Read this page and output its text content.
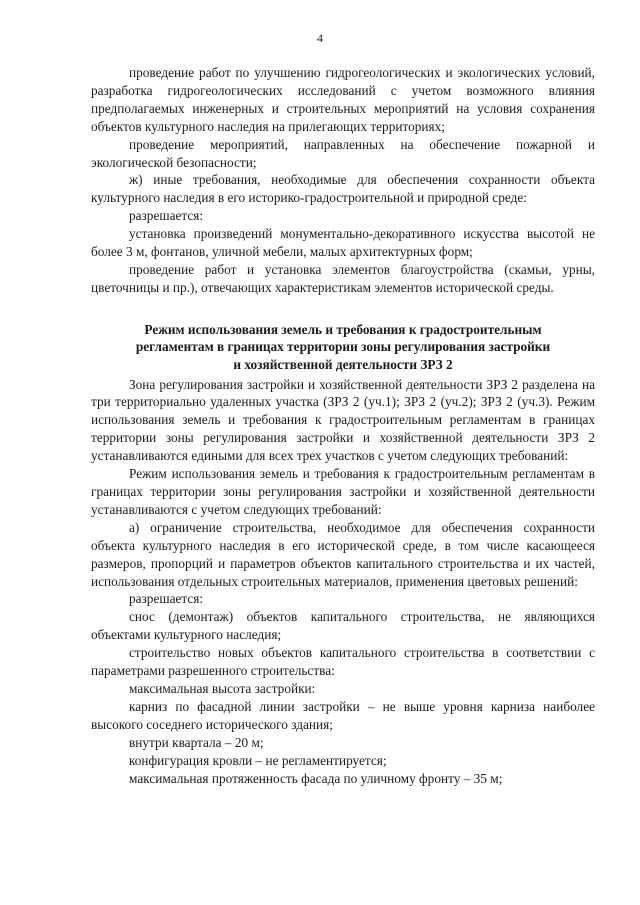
4

проведение работ по улучшению гидрогеологических и экологических условий, разработка гидрогеологических исследований с учетом возможного влияния предполагаемых инженерных и строительных мероприятий на условия сохранения объектов культурного наследия на прилегающих территориях;

проведение мероприятий, направленных на обеспечение пожарной и экологической безопасности;

ж) иные требования, необходимые для обеспечения сохранности объекта культурного наследия в его историко-градостроительной и природной среде:

разрешается:

установка произведений монументально-декоративного искусства высотой не более 3 м, фонтанов, уличной мебели, малых архитектурных форм;

проведение работ и установка элементов благоустройства (скамьи, урны, цветочницы и пр.), отвечающих характеристикам элементов исторической среды.

Режим использования земель и требования к градостроительным
регламентам в границах территории зоны регулирования застройки
и хозяйственной деятельности ЗРЗ 2

Зона регулирования застройки и хозяйственной деятельности ЗРЗ 2 разделена на три территориально удаленных участка (ЗРЗ 2 (уч.1); ЗРЗ 2 (уч.2); ЗРЗ 2 (уч.3). Режим использования земель и требования к градостроительным регламентам в границах территории зоны регулирования застройки и хозяйственной деятельности ЗРЗ 2 устанавливаются едиными для всех трех участков с учетом следующих требований:

Режим использования земель и требования к градостроительным регламентам в границах территории зоны регулирования застройки и хозяйственной деятельности устанавливаются с учетом следующих требований:

а) ограничение строительства, необходимое для обеспечения сохранности объекта культурного наследия в его исторической среде, в том числе касающееся размеров, пропорций и параметров объектов капитального строительства и их частей, использования отдельных строительных материалов, применения цветовых решений:

разрешается:

снос (демонтаж) объектов капитального строительства, не являющихся объектами культурного наследия;

строительство новых объектов капитального строительства в соответствии с параметрами разрешенного строительства:

максимальная высота застройки:

карниз по фасадной линии застройки – не выше уровня карниза наиболее высокого соседнего исторического здания;

внутри квартала – 20 м;

конфигурация кровли – не регламентируется;

максимальная протяженность фасада по уличному фронту – 35 м;
